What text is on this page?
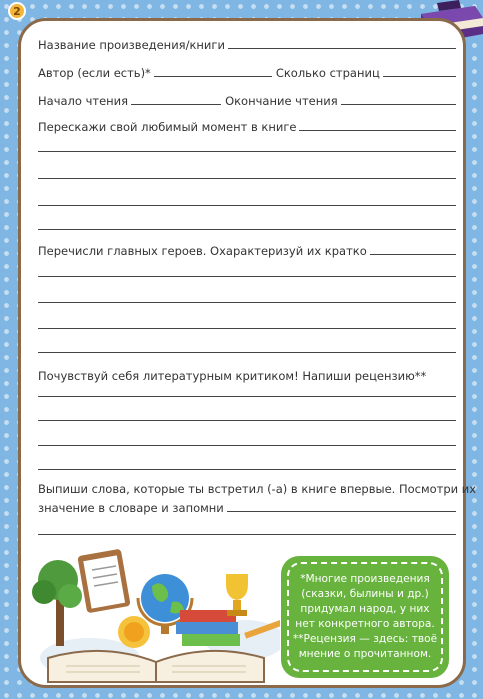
2
Название произведения/книги
Автор (если есть)*	Сколько страниц
Начало чтения	Окончание чтения
Перескажи свой любимый момент в книге
Перечисли главных героев. Охарактеризуй их кратко
Почувствуй себя литературным критиком! Напиши рецензию**
Выпиши слова, которые ты встретил (-а) в книге впервые. Посмотри их
значение в словаре и запомни
*Многие произведения
(сказки, былины и др.)
придумал народ, у них
нет конкретного автора.
**Рецензия — здесь: твоё
мнение о прочитанном.
